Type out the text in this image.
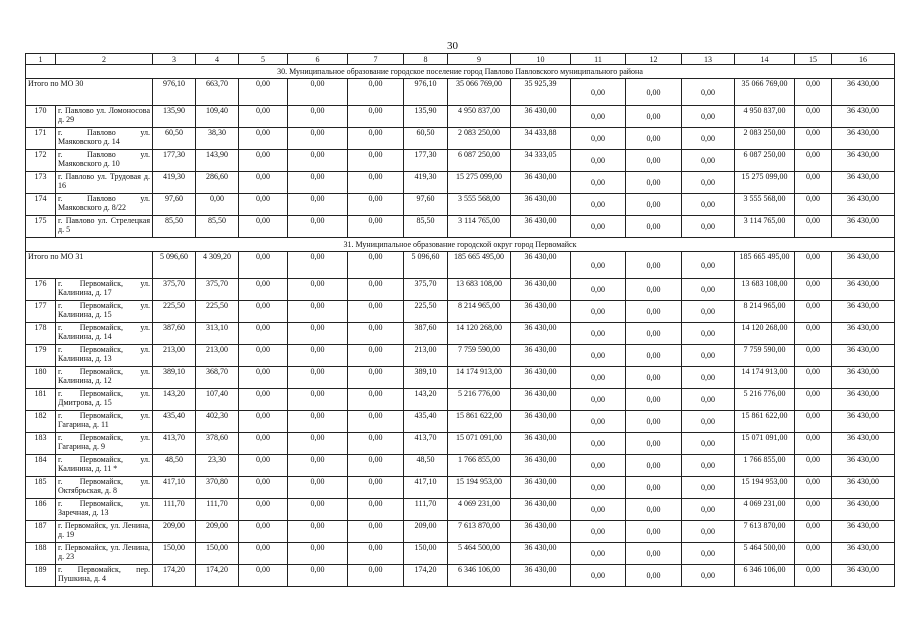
30
1	2	3	4	5	6	7	8	9	10	11	12	13	14	15	16
30. Муниципальное образование городское поселение город Павлово Павловского муниципального района															
Итого по МО 30		976,10	663,70	0,00	0,00	0,00	976,10	35 066 769,00	35 925,39	0,00	0,00	0,00	35 066 769,00	0,00	36 430,00
170	г. Павлово ул. Ломоносова д. 29	135,90	109,40	0,00	0,00	0,00	135,90	4 950 837,00	36 430,00	0,00	0,00	0,00	4 950 837,00	0,00	36 430,00
171	г. Павлово ул. Маяковского д. 14	60,50	38,30	0,00	0,00	0,00	60,50	2 083 250,00	34 433,88	0,00	0,00	0,00	2 083 250,00	0,00	36 430,00
172	г. Павлово ул. Маяковского д. 10	177,30	143,90	0,00	0,00	0,00	177,30	6 087 250,00	34 333,05	0,00	0,00	0,00	6 087 250,00	0,00	36 430,00
173	г. Павлово ул. Трудовая д. 16	419,30	286,60	0,00	0,00	0,00	419,30	15 275 099,00	36 430,00	0,00	0,00	0,00	15 275 099,00	0,00	36 430,00
174	г. Павлово ул. Маяковского д. 8/22	97,60	0,00	0,00	0,00	0,00	97,60	3 555 568,00	36 430,00	0,00	0,00	0,00	3 555 568,00	0,00	36 430,00
175	г. Павлово ул. Стрелецкая д. 5	85,50	85,50	0,00	0,00	0,00	85,50	3 114 765,00	36 430,00	0,00	0,00	0,00	3 114 765,00	0,00	36 430,00
31. Муниципальное образование городской округ город Первомайск															
Итого по МО 31		5 096,60	4 309,20	0,00	0,00	0,00	5 096,60	185 665 495,00	36 430,00	0,00	0,00	0,00	185 665 495,00	0,00	36 430,00
176	г. Первомайск, ул. Калинина, д. 17	375,70	375,70	0,00	0,00	0,00	375,70	13 683 108,00	36 430,00	0,00	0,00	0,00	13 683 108,00	0,00	36 430,00
177	г. Первомайск, ул. Калинина, д. 15	225,50	225,50	0,00	0,00	0,00	225,50	8 214 965,00	36 430,00	0,00	0,00	0,00	8 214 965,00	0,00	36 430,00
178	г. Первомайск, ул. Калинина, д. 14	387,60	313,10	0,00	0,00	0,00	387,60	14 120 268,00	36 430,00	0,00	0,00	0,00	14 120 268,00	0,00	36 430,00
179	г. Первомайск, ул. Калинина, д. 13	213,00	213,00	0,00	0,00	0,00	213,00	7 759 590,00	36 430,00	0,00	0,00	0,00	7 759 590,00	0,00	36 430,00
180	г. Первомайск, ул. Калинина, д. 12	389,10	368,70	0,00	0,00	0,00	389,10	14 174 913,00	36 430,00	0,00	0,00	0,00	14 174 913,00	0,00	36 430,00
181	г. Первомайск, ул. Дмитрова, д. 15	143,20	107,40	0,00	0,00	0,00	143,20	5 216 776,00	36 430,00	0,00	0,00	0,00	5 216 776,00	0,00	36 430,00
182	г. Первомайск, ул. Гагарина, д. 11	435,40	402,30	0,00	0,00	0,00	435,40	15 861 622,00	36 430,00	0,00	0,00	0,00	15 861 622,00	0,00	36 430,00
183	г. Первомайск, ул. Гагарина, д. 9	413,70	378,60	0,00	0,00	0,00	413,70	15 071 091,00	36 430,00	0,00	0,00	0,00	15 071 091,00	0,00	36 430,00
184	г. Первомайск, ул. Калинина, д. 11 *	48,50	23,30	0,00	0,00	0,00	48,50	1 766 855,00	36 430,00	0,00	0,00	0,00	1 766 855,00	0,00	36 430,00
185	г. Первомайск, ул. Октябрьская, д. 8	417,10	370,80	0,00	0,00	0,00	417,10	15 194 953,00	36 430,00	0,00	0,00	0,00	15 194 953,00	0,00	36 430,00
186	г. Первомайск, ул. Заречная, д. 13	111,70	111,70	0,00	0,00	0,00	111,70	4 069 231,00	36 430,00	0,00	0,00	0,00	4 069 231,00	0,00	36 430,00
187	г. Первомайск, ул. Ленина, д. 19	209,00	209,00	0,00	0,00	0,00	209,00	7 613 870,00	36 430,00	0,00	0,00	0,00	7 613 870,00	0,00	36 430,00
188	г. Первомайск, ул. Ленина, д. 23	150,00	150,00	0,00	0,00	0,00	150,00	5 464 500,00	36 430,00	0,00	0,00	0,00	5 464 500,00	0,00	36 430,00
189	г. Первомайск, пер. Пушкина, д. 4	174,20	174,20	0,00	0,00	0,00	174,20	6 346 106,00	36 430,00	0,00	0,00	0,00	6 346 106,00	0,00	36 430,00
